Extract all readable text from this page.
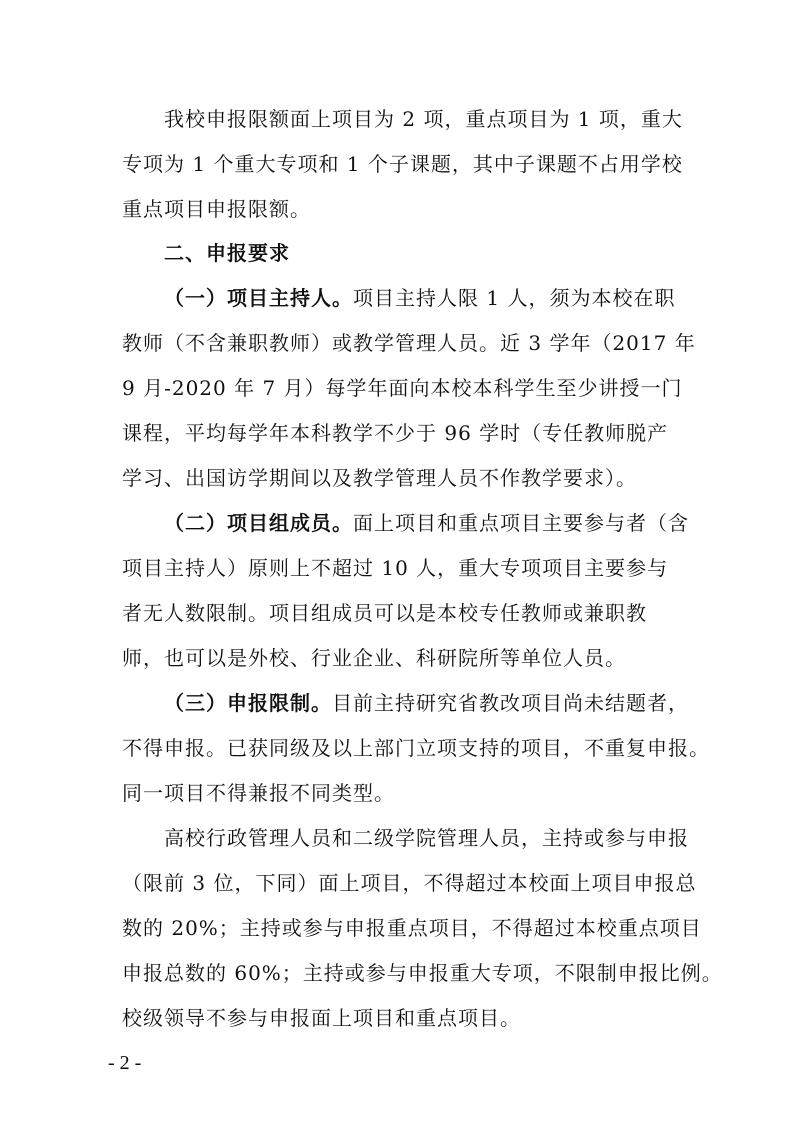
我校申报限额面上项目为 2 项，重点项目为 1 项，重大
专项为 1 个重大专项和 1 个子课题，其中子课题不占用学校
重点项目申报限额。
二、申报要求
（一）项目主持人。项目主持人限 1 人，须为本校在职
教师（不含兼职教师）或教学管理人员。近 3 学年（2017 年
9 月-2020 年 7 月）每学年面向本校本科学生至少讲授一门
课程，平均每学年本科教学不少于 96 学时（专任教师脱产
学习、出国访学期间以及教学管理人员不作教学要求）。
（二）项目组成员。面上项目和重点项目主要参与者（含
项目主持人）原则上不超过 10 人，重大专项项目主要参与
者无人数限制。项目组成员可以是本校专任教师或兼职教
师，也可以是外校、行业企业、科研院所等单位人员。
（三）申报限制。目前主持研究省教改项目尚未结题者，
不得申报。已获同级及以上部门立项支持的项目，不重复申报。
同一项目不得兼报不同类型。
高校行政管理人员和二级学院管理人员，主持或参与申报
（限前 3 位，下同）面上项目，不得超过本校面上项目申报总
数的 20%；主持或参与申报重点项目，不得超过本校重点项目
申报总数的 60%；主持或参与申报重大专项，不限制申报比例。
校级领导不参与申报面上项目和重点项目。
- 2 -
